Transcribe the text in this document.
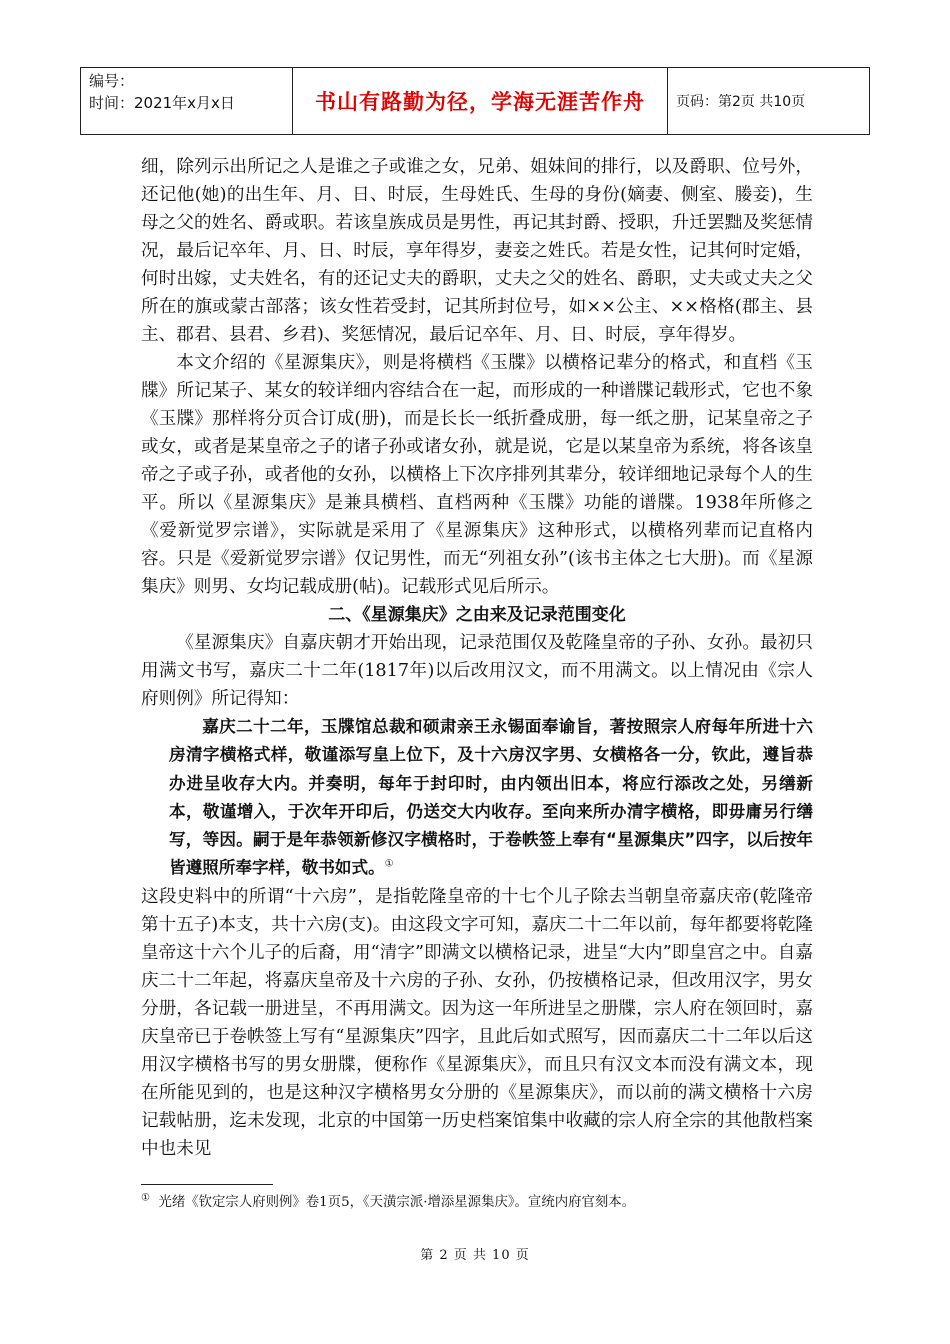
编号：
时间：2021年x月x日	书山有路勤为径，学海无涯苦作舟	页码：第2页 共10页

细，除列示出所记之人是谁之子或谁之女，兄弟、姐妹间的排行，以及爵职、位号外，还记他(她)的出生年、月、日、时辰，生母姓氏、生母的身份(嫡妻、侧室、媵妾)，生母之父的姓名、爵或职。若该皇族成员是男性，再记其封爵、授职，升迁罢黜及奖惩情况，最后记卒年、月、日、时辰，享年得岁，妻妾之姓氏。若是女性，记其何时定婚，何时出嫁，丈夫姓名，有的还记丈夫的爵职，丈夫之父的姓名、爵职，丈夫或丈夫之父所在的旗或蒙古部落；该女性若受封，记其所封位号，如××公主、××格格(郡主、县主、郡君、县君、乡君)、奖惩情况，最后记卒年、月、日、时辰，享年得岁。

本文介绍的《星源集庆》，则是将横档《玉牒》以横格记辈分的格式，和直档《玉牒》所记某子、某女的较详细内容结合在一起，而形成的一种谱牒记载形式，它也不象《玉牒》那样将分页合订成(册)，而是长长一纸折叠成册，每一纸之册，记某皇帝之子或女，或者是某皇帝之子的诸子孙或诸女孙，就是说，它是以某皇帝为系统，将各该皇帝之子或子孙，或者他的女孙，以横格上下次序排列其辈分，较详细地记录每个人的生平。所以《星源集庆》是兼具横档、直档两种《玉牒》功能的谱牒。1938年所修之《爱新觉罗宗谱》，实际就是采用了《星源集庆》这种形式，以横格列辈而记直格内容。只是《爱新觉罗宗谱》仅记男性，而无“列祖女孙”(该书主体之七大册)。而《星源集庆》则男、女均记载成册(帖)。记载形式见后所示。

二、《星源集庆》之由来及记录范围变化

《星源集庆》自嘉庆朝才开始出现，记录范围仅及乾隆皇帝的子孙、女孙。最初只用满文书写，嘉庆二十二年(1817年)以后改用汉文，而不用满文。以上情况由《宗人府则例》所记得知：

嘉庆二十二年，玉牒馆总裁和硕肃亲王永锡面奉谕旨，著按照宗人府每年所进十六房清字横格式样，敬谨添写皇上位下，及十六房汉字男、女横格各一分，钦此，遵旨恭办进呈收存大内。并奏明，每年于封印时，由内领出旧本，将应行添改之处，另缮新本，敬谨增入，于次年开印后，仍送交大内收存。至向来所办清字横格，即毋庸另行缮写，等因。嗣于是年恭领新修汉字横格时，于卷帙签上奉有“星源集庆”四字，以后按年皆遵照所奉字样，敬书如式。①

这段史料中的所谓“十六房”，是指乾隆皇帝的十七个儿子除去当朝皇帝嘉庆帝(乾隆帝第十五子)本支，共十六房(支)。由这段文字可知，嘉庆二十二年以前，每年都要将乾隆皇帝这十六个儿子的后裔，用“清字”即满文以横格记录，进呈“大内”即皇宫之中。自嘉庆二十二年起，将嘉庆皇帝及十六房的子孙、女孙，仍按横格记录，但改用汉字，男女分册，各记载一册进呈，不再用满文。因为这一年所进呈之册牒，宗人府在领回时，嘉庆皇帝已于卷帙签上写有“星源集庆”四字，且此后如式照写，因而嘉庆二十二年以后这用汉字横格书写的男女册牒，便称作《星源集庆》，而且只有汉文本而没有满文本，现在所能见到的，也是这种汉字横格男女分册的《星源集庆》，而以前的满文横格十六房记载帖册，迄未发现，北京的中国第一历史档案馆集中收藏的宗人府全宗的其他散档案中也未见

① 光绪《钦定宗人府则例》卷1页5，《天潢宗派·增添星源集庆》。宣统内府官刻本。
第 2 页 共 10 页
